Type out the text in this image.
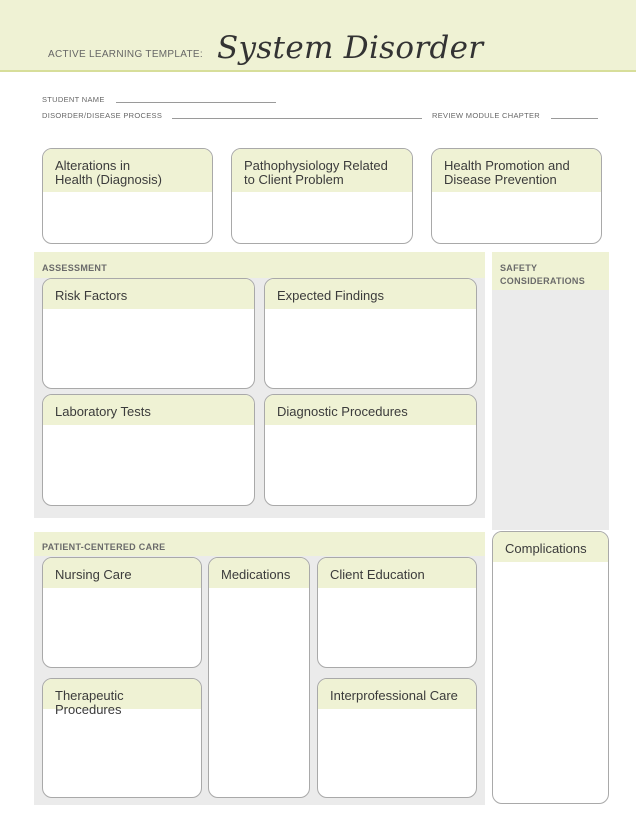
ACTIVE LEARNING TEMPLATE: System Disorder
STUDENT NAME
DISORDER/DISEASE PROCESS	REVIEW MODULE CHAPTER
Alterations in
Health (Diagnosis)
Pathophysiology Related
to Client Problem
Health Promotion and
Disease Prevention
ASSESSMENT
Risk Factors	Expected Findings
Laboratory Tests	Diagnostic Procedures
SAFETY
CONSIDERATIONS
Complications
PATIENT-CENTERED CARE
Nursing Care	Medications	Client Education
Therapeutic Procedures
Interprofessional Care
